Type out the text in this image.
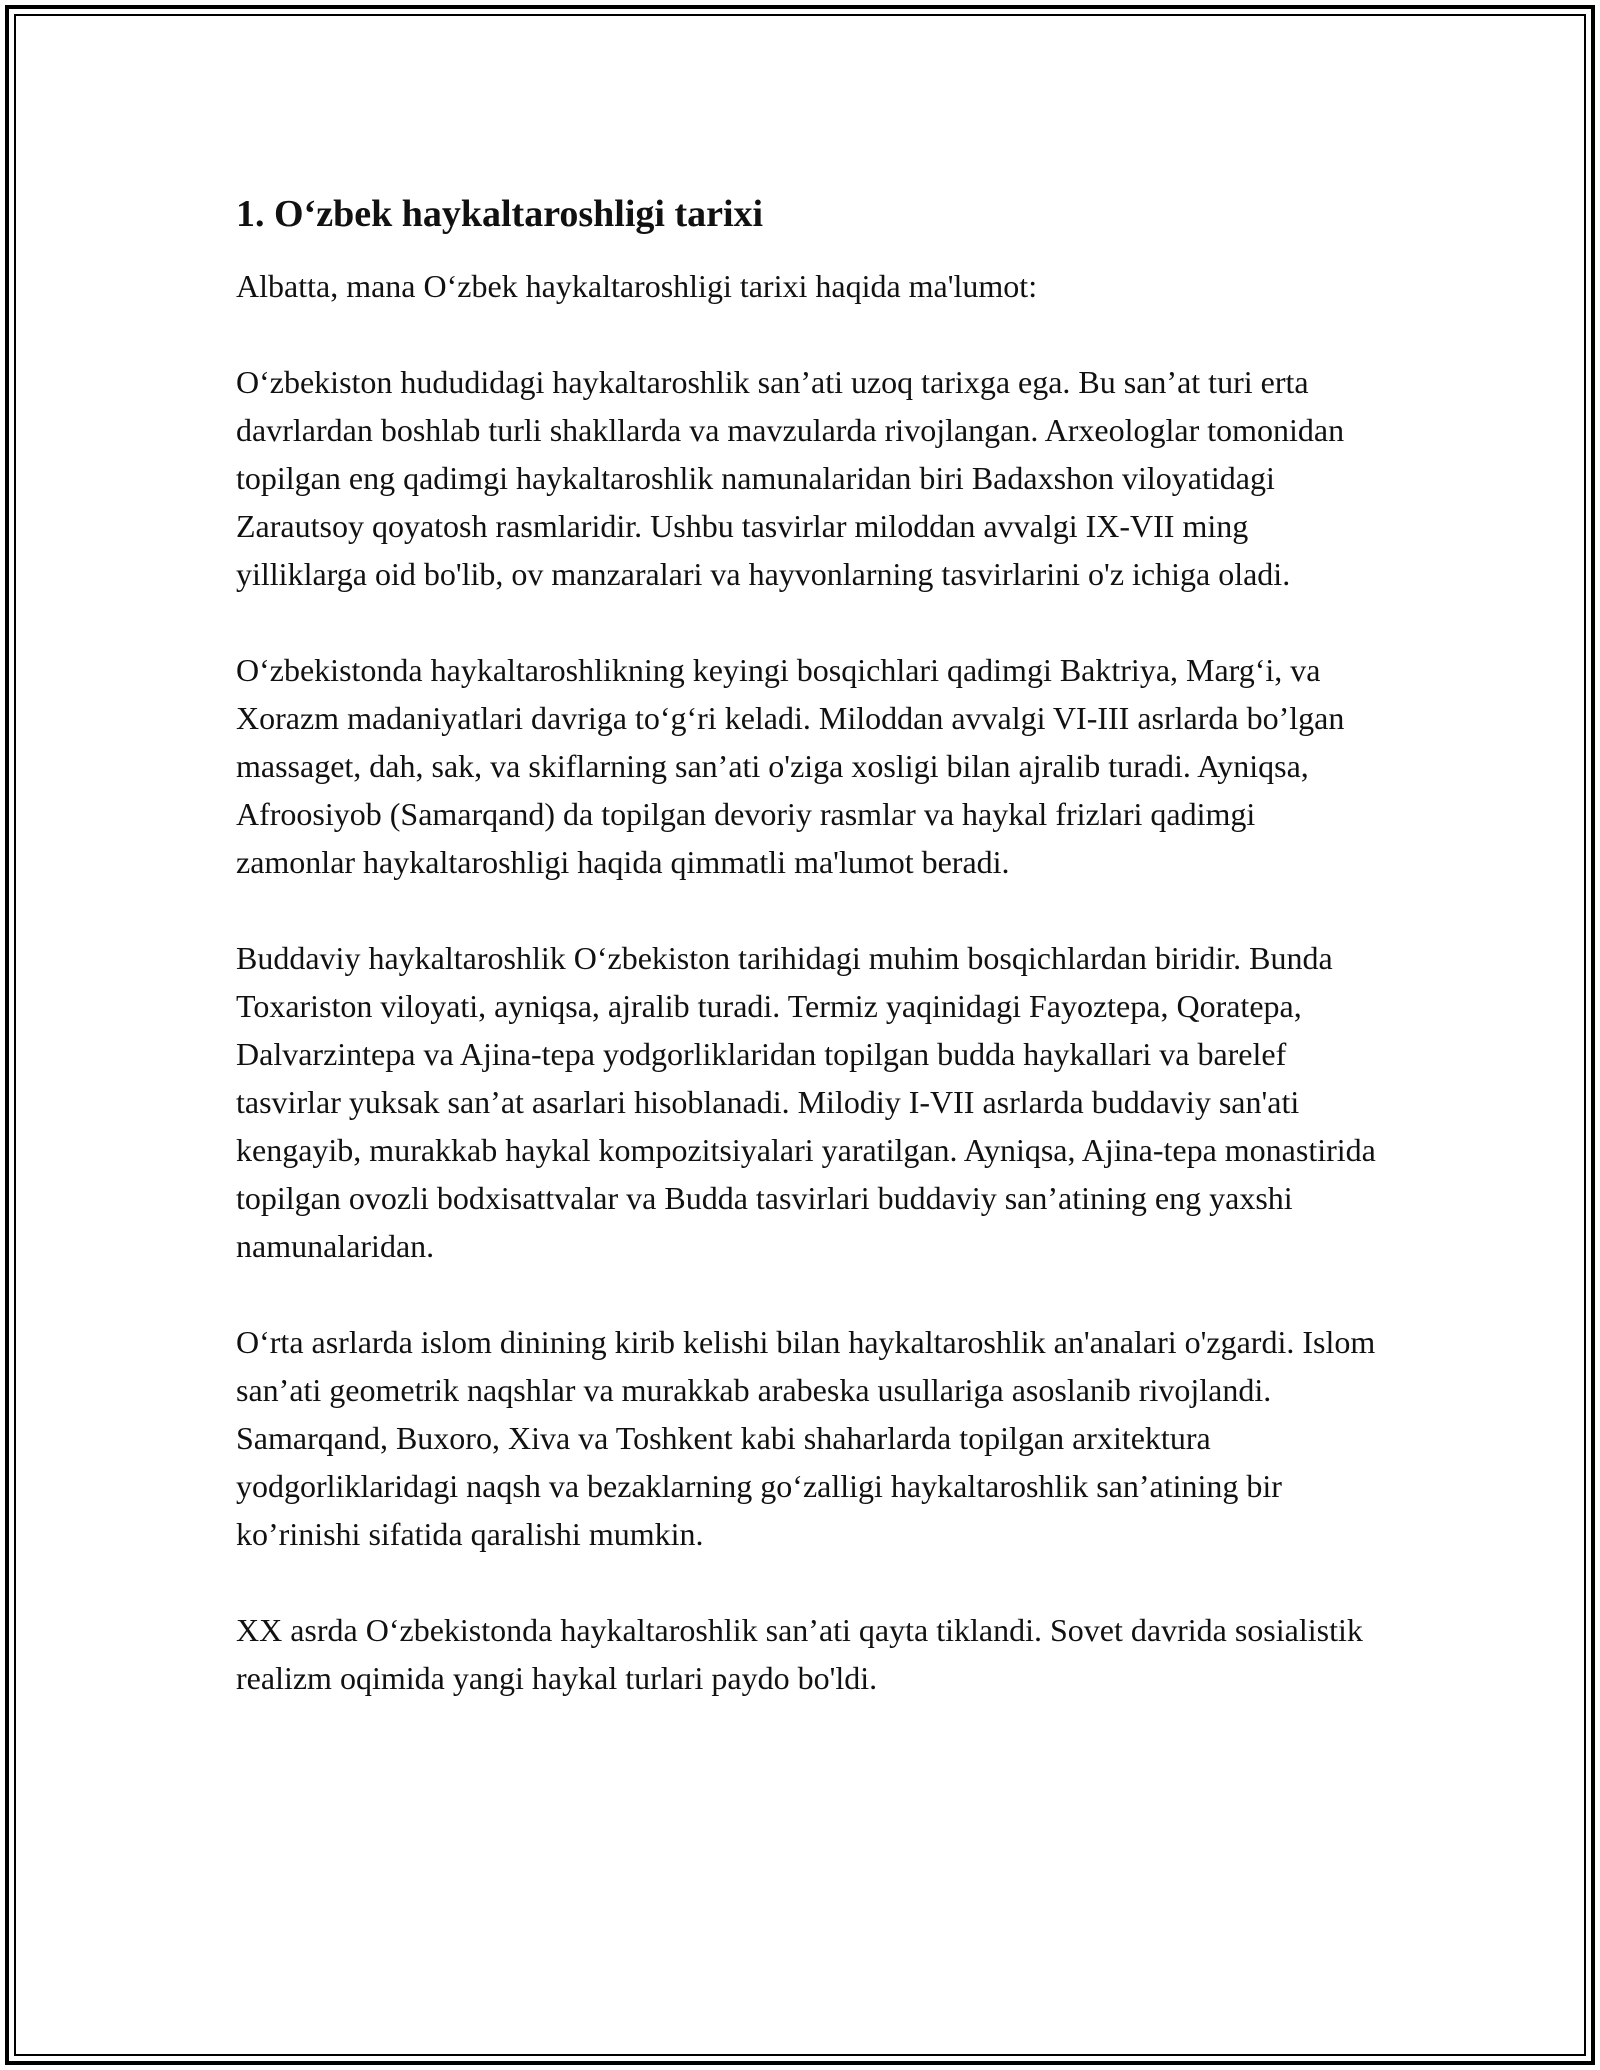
1. O‘zbek haykaltaroshligi tarixi

Albatta, mana O‘zbek haykaltaroshligi tarixi haqida ma'lumot:

O‘zbekiston hududidagi haykaltaroshlik san’ati uzoq tarixga ega. Bu san’at turi erta davrlardan boshlab turli shakllarda va mavzularda rivojlangan. Arxeologlar tomonidan topilgan eng qadimgi haykaltaroshlik namunalaridan biri Badaxshon viloyatidagi Zarautsoy qoyatosh rasmlaridir. Ushbu tasvirlar miloddan avvalgi IX-VII ming yilliklarga oid bo'lib, ov manzaralari va hayvonlarning tasvirlarini o'z ichiga oladi.

O‘zbekistonda haykaltaroshlikning keyingi bosqichlari qadimgi Baktriya, Marg‘i, va Xorazm madaniyatlari davriga to‘g‘ri keladi. Miloddan avvalgi VI-III asrlarda bo’lgan massaget, dah, sak, va skiflarning san’ati o'ziga xosligi bilan ajralib turadi. Ayniqsa, Afroosiyob (Samarqand) da topilgan devoriy rasmlar va haykal frizlari qadimgi zamonlar haykaltaroshligi haqida qimmatli ma'lumot beradi.

Buddaviy haykaltaroshlik O‘zbekiston tarihidagi muhim bosqichlardan biridir. Bunda Toxariston viloyati, ayniqsa, ajralib turadi. Termiz yaqinidagi Fayoztepa, Qoratepa, Dalvarzintepa va Ajina-tepa yodgorliklaridan topilgan budda haykallari va barelef tasvirlar yuksak san’at asarlari hisoblanadi. Milodiy I-VII asrlarda buddaviy san'ati kengayib, murakkab haykal kompozitsiyalari yaratilgan. Ayniqsa, Ajina-tepa monastirida topilgan ovozli bodxisattvalar va Budda tasvirlari buddaviy san’atining eng yaxshi namunalaridan.

O‘rta asrlarda islom dinining kirib kelishi bilan haykaltaroshlik an'analari o'zgardi. Islom san’ati geometrik naqshlar va murakkab arabeska usullariga asoslanib rivojlandi. Samarqand, Buxoro, Xiva va Toshkent kabi shaharlarda topilgan arxitektura yodgorliklaridagi naqsh va bezaklarning go‘zalligi haykaltaroshlik san’atining bir ko’rinishi sifatida qaralishi mumkin.

XX asrda O‘zbekistonda haykaltaroshlik san’ati qayta tiklandi. Sovet davrida sosialistik realizm oqimida yangi haykal turlari paydo bo'ldi.
